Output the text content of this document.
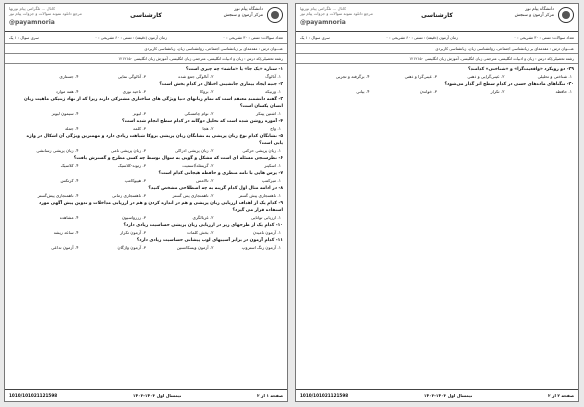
دانشگاه پیام نور
مرکز آزمون و سنجش
کارشناسی
کانال ... تلگرامی پیام نوریها
مرجع دانلود نمونه سوالات و جزوات پیام نور
@payamnoria
تعداد سوالات: تستی : ۳۰ تشریحی : ۰
زمان آزمون (دقیقه) : تستی : ۶۰ تشریحی : ۰
سری سوال : ۱ یک
عنـــوان درس : مقدمه‌ای بر زبانشناسی اجتماعی، روانشناسی زبان، زبانشناسی کاربردی
رشته تحصیلی/کد درس : زبان و ادبیات انگلیسی، مترجمی زبان انگلیسی، آموزش زبان انگلیسی ۱۲۱۲۱۵۰
۲۹- دو رویکرد «واقعیت‌گرا» و «شناختی» کدامند؟
۱. شناختی و تحلیلی
۲. عینی‌گرایی و ذهنی
۳. عینی‌گرا و ذهنی
۴. برگرفته و تجربی
۳۰- تنگناهای ماده‌های حسی در کدام سطح اثر گذار می‌شود؟
۱. حافظه
۲. تکرار
۳. خواندن
۴. بیانی
صفحه ۲ از ۲
نیمسال اول ۱۴۰۳-۱۴۰۲
1010/101021121598
دانشگاه پیام نور
مرکز آزمون و سنجش
کارشناسی
کانال ... تلگرامی پیام نوریها
مرجع دانلود نمونه سوالات و جزوات پیام نور
@payamnoria
تعداد سوالات: تستی : ۳۰ تشریحی : ۰
زمان آزمون (دقیقه) : تستی : ۶۰ تشریحی : ۰
سری سوال : ۱ یک
عنـــوان درس : مقدمه‌ای بر زبانشناسی اجتماعی، روانشناسی زبان، زبانشناسی کاربردی
رشته تحصیلی/کد درس : زبان و ادبیات انگلیسی، مترجمی زبان انگلیسی، آموزش زبان انگلیسی ۱۲۱۲۱۵۰
۱- ستاره «یک جا» یا «ماشه» چه چیزی است؟
۱. آنالوگ
۲. آنالوگی جمع شده
۳. آنالوگی نمایی
۴. جستاری
۲- جنبه ایجاد بیماری جانشینی اختلال در کدام بخش است؟
۱. ورنیکه
۲. بروکا
۳. ناحیه نوری
۴. همه موارد
۳- گفته دانشمند معتقد است که تمام زبانهای دنیا ویژگی های ساختاری مشترکی دارند زیرا که از نهاد ژنتیکی ماهیت زبان
انسان یکسان است؟
۱. اشتین پینکر
۲. نوام چامسکی
۳. لیونز
۴. سیمون لیونز
۴- آموزه روشن شده است که تحلیل دوگانه در کدام سطح انجام شده است؟
۱. واج
۲. هجا
۳. کلمه
۴. جمله
۵- نشانگان کدام نوع زبان پریشی به نشانگان زبان پریشی بروکا شباهت زیادی دارد و مهمترین ویژگی آن اشکال در واژه
یابی است؟
۱. زبان پریشی حرکتی
۲. زبان پریشی ادراکی
۳. زبان پریشی نامی
۴. زبان پریشی رسانشی
۶- نظرسنجی مسئله ای است که مشکل و گویی به سوال توسط چه کسی مطرح و گسترش یافت؟
۱. اسکینر
۲. گرینفلد/اسمیت
۳. رتوند-کلاسیک
۴. کلاسیک
۷- پرس هایی با نامه منظری و حافظه هیجانی کدام است؟
۱. میرکمپ
۲. تالامس
۳. هیپوکامپ
۴. کرتکس
۸- در ادامه مثال اول کدام گزینه به چه اصطلاحی مشخص کنید؟
۱. ناهمنجاری پیش گستر
۲. ناهمنجاری پس گستر
۳. ناهمنجاری زمانی
۴. ناهمنجاری پیش‌گستر
۹- کدام یک از اهداف ارزیابی زبان پریشی و هم در اندازه کردن و هم در ارزیابی مداخلات و تدوین پیش آگهی مورد
استفاده قرار می گیرد؟
۱. ارزیابی توانایی
۲. غربالگری
۳. رزرواسیون
۴. مشاهده
۱۰- کدام یک از طرحهای زیر در ارزیابی زبان پریشی حساسیت زیادی دارد؟
۱. آزمون نامیدن
۲. بخش کلمات
۳. آزمون تکرار
۴. ساعد ریشه
۱۱- کدام آزمون در برابر آسیبهای لوب پیشانی حساسیت زیادی دارد؟
۱. آزمون رنگ استروپ
۲. آزمون ویسکانسین
۳. آزمون واژگان
۴. آزمون تداعی
صفحه ۱ از ۲
نیمسال اول ۱۴۰۳-۱۴۰۲
1010/101021121598
